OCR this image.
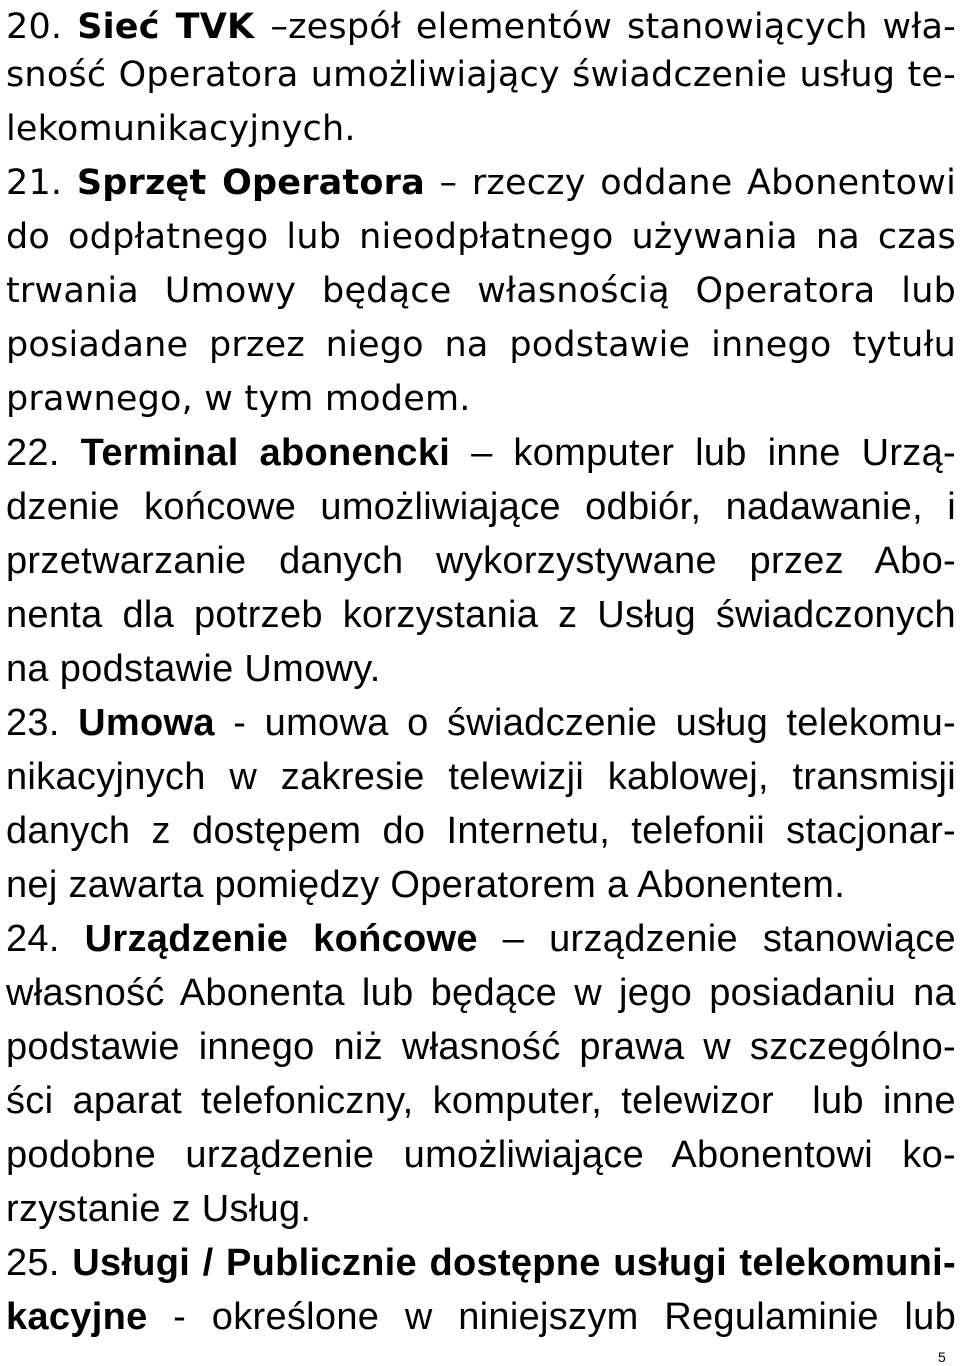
20. Sieć TVK –zespół elementów stanowiących wła-
sność Operatora umożliwiający świadczenie usług te-
lekomunikacyjnych.
21. Sprzęt Operatora – rzeczy oddane Abonentowi
do odpłatnego lub nieodpłatnego używania na czas
trwania Umowy będące własnością Operatora lub
posiadane przez niego na podstawie innego tytułu
prawnego, w tym modem.
22. Terminal abonencki – komputer lub inne Urzą-
dzenie końcowe umożliwiające odbiór, nadawanie, i
przetwarzanie danych wykorzystywane przez Abo-
nenta dla potrzeb korzystania z Usług świadczonych
na podstawie Umowy.
23. Umowa - umowa o świadczenie usług telekomu-
nikacyjnych w zakresie telewizji kablowej, transmisji
danych z dostępem do Internetu, telefonii stacjonar-
nej zawarta pomiędzy Operatorem a Abonentem.
24. Urządzenie końcowe – urządzenie stanowiące
własność Abonenta lub będące w jego posiadaniu na
podstawie innego niż własność prawa w szczególno-
ści aparat telefoniczny, komputer, telewizor  lub inne
podobne urządzenie umożliwiające Abonentowi ko-
rzystanie z Usług.
25. Usługi / Publicznie dostępne usługi telekomuni-
kacyjne - określone w niniejszym Regulaminie lub
5
